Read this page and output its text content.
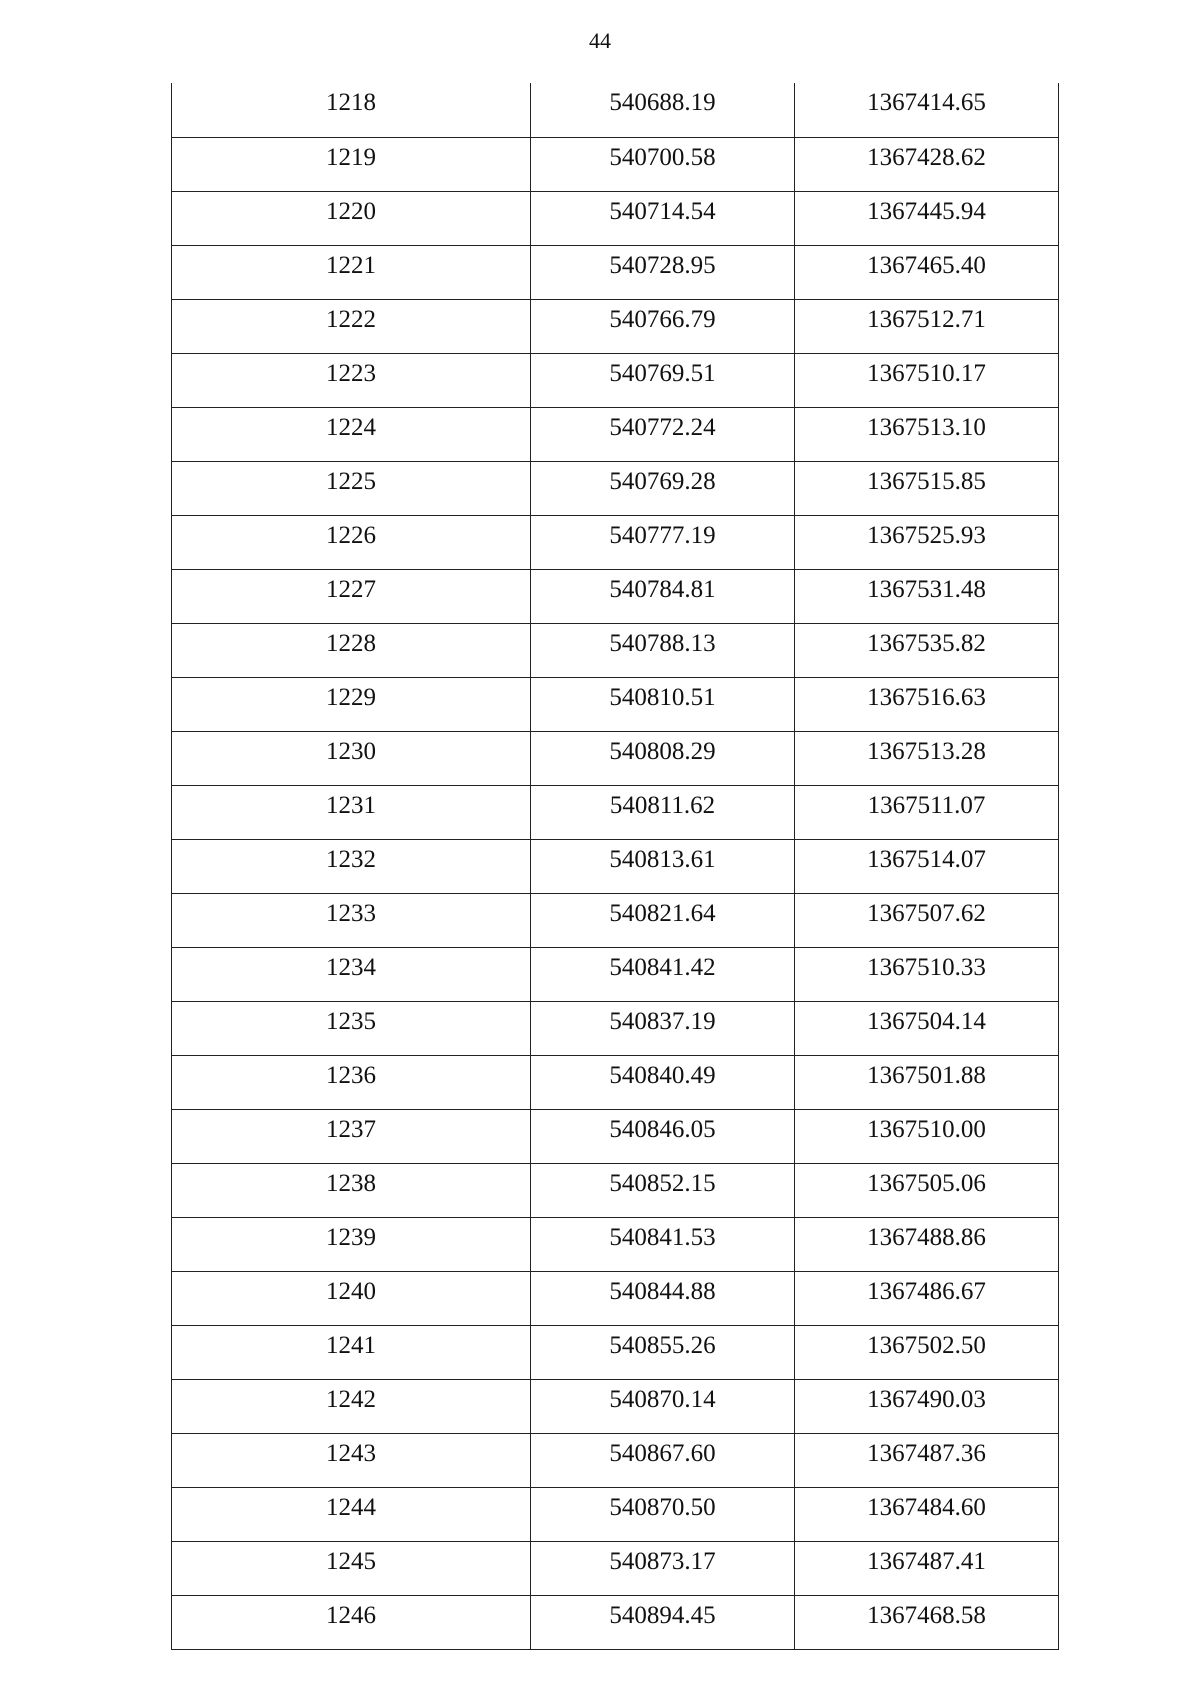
44
1218	540688.19	1367414.65
1219	540700.58	1367428.62
1220	540714.54	1367445.94
1221	540728.95	1367465.40
1222	540766.79	1367512.71
1223	540769.51	1367510.17
1224	540772.24	1367513.10
1225	540769.28	1367515.85
1226	540777.19	1367525.93
1227	540784.81	1367531.48
1228	540788.13	1367535.82
1229	540810.51	1367516.63
1230	540808.29	1367513.28
1231	540811.62	1367511.07
1232	540813.61	1367514.07
1233	540821.64	1367507.62
1234	540841.42	1367510.33
1235	540837.19	1367504.14
1236	540840.49	1367501.88
1237	540846.05	1367510.00
1238	540852.15	1367505.06
1239	540841.53	1367488.86
1240	540844.88	1367486.67
1241	540855.26	1367502.50
1242	540870.14	1367490.03
1243	540867.60	1367487.36
1244	540870.50	1367484.60
1245	540873.17	1367487.41
1246	540894.45	1367468.58
